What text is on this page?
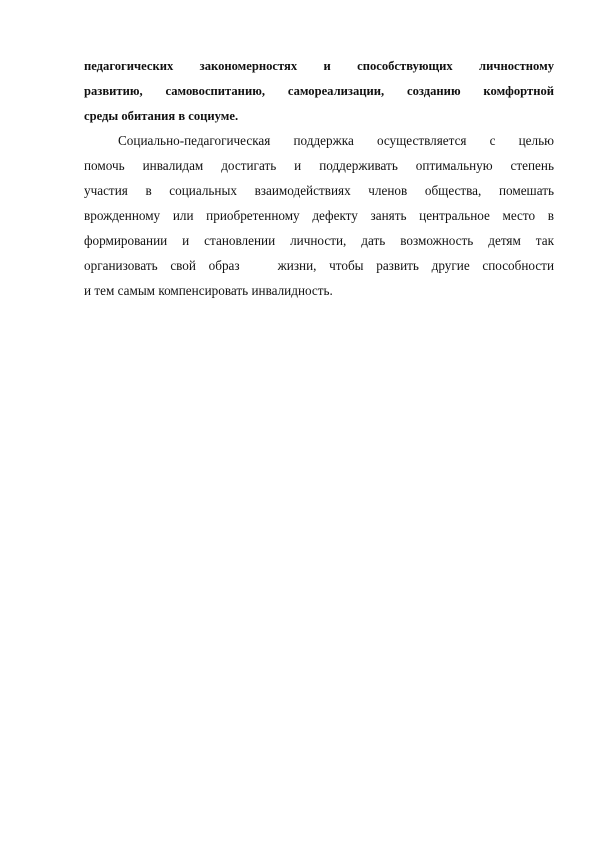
педагогических закономерностях и способствующих личностному
развитию, самовоспитанию, самореализации, созданию комфортной
среды обитания в социуме.
Социально-педагогическая поддержка осуществляется с целью
помочь инвалидам достигать и поддерживать оптимальную степень
участия в социальных взаимодействиях членов общества, помешать
врожденному или приобретенному дефекту занять центральное место в
формировании и становлении личности, дать возможность детям так
организовать свой образ   жизни, чтобы развить другие способности
и тем самым компенсировать инвалидность.
